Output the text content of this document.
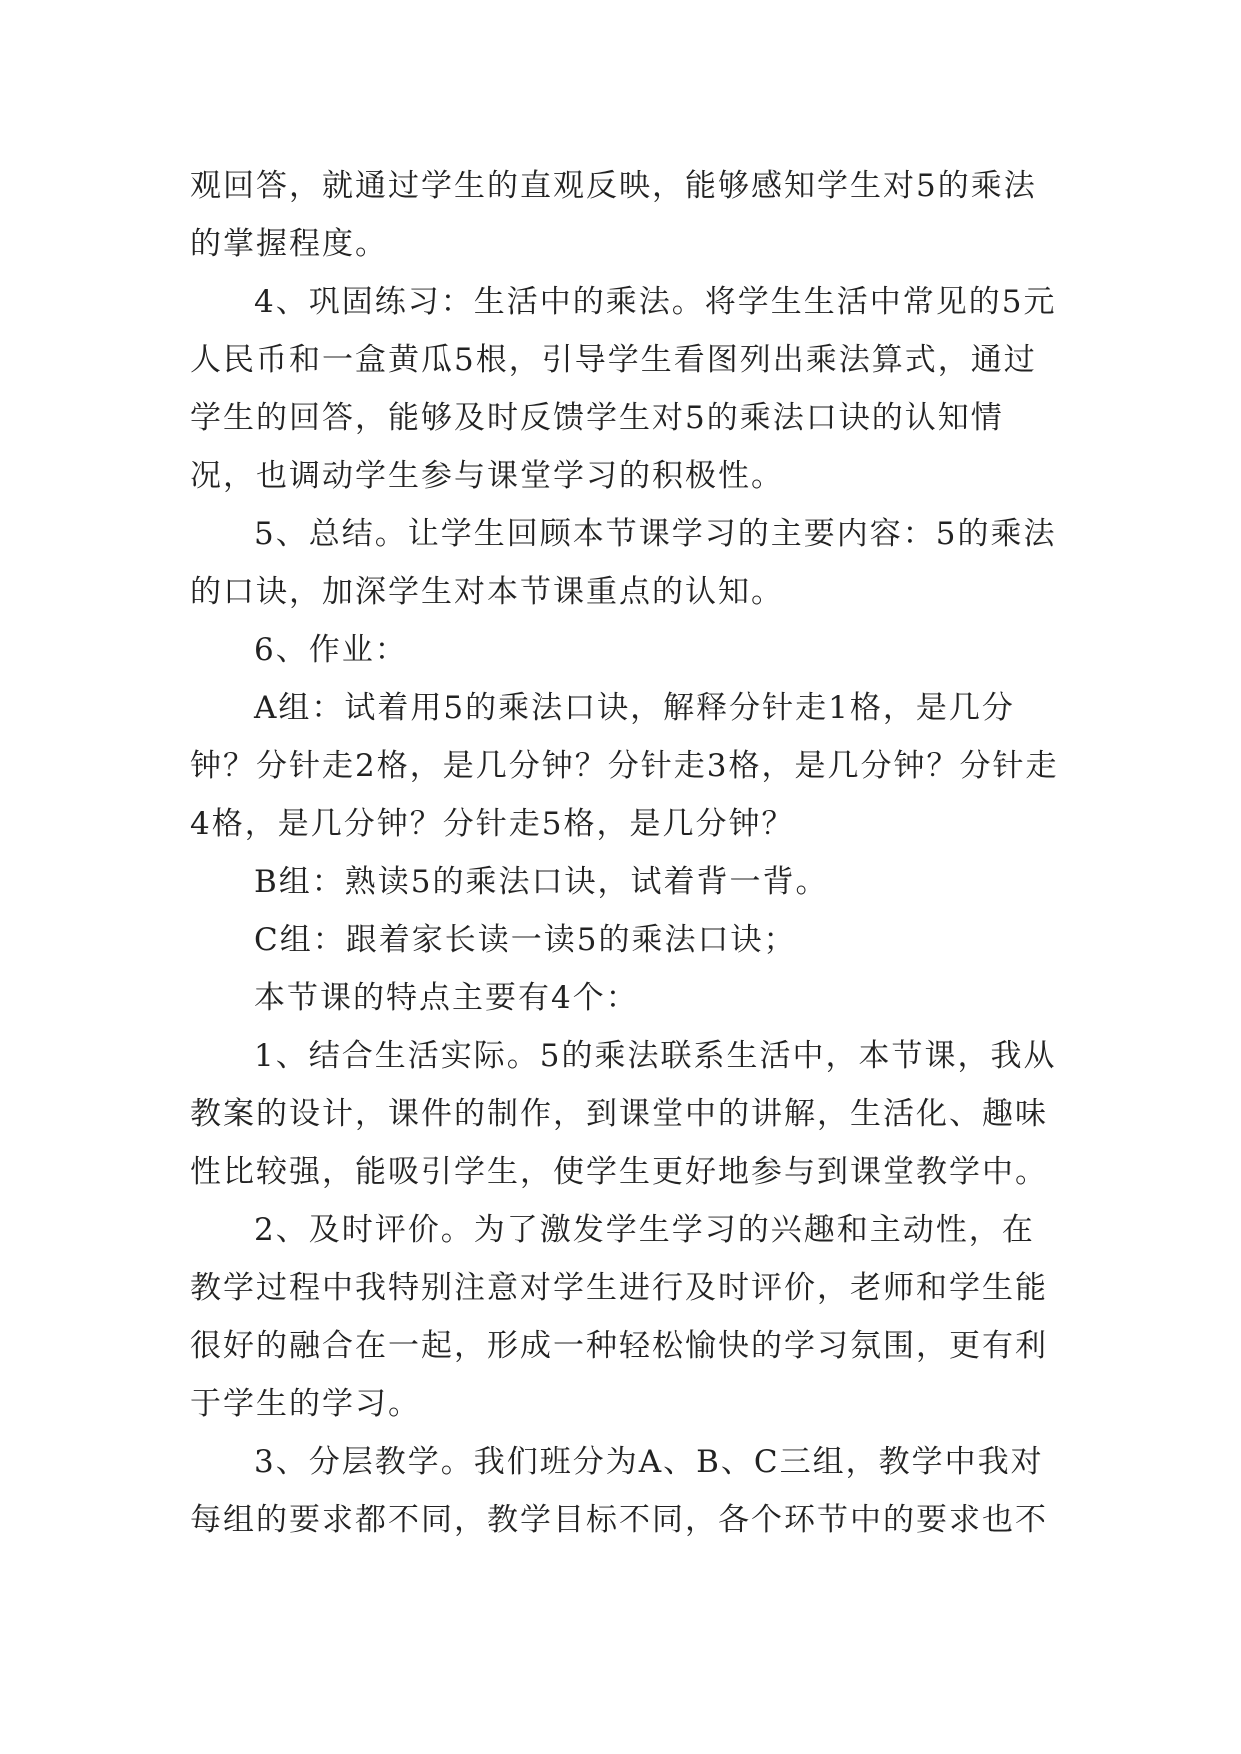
观回答，就通过学生的直观反映，能够感知学生对5的乘法的掌握程度。

4、巩固练习：生活中的乘法。将学生生活中常见的5元人民币和一盒黄瓜5根，引导学生看图列出乘法算式，通过学生的回答，能够及时反馈学生对5的乘法口诀的认知情况，也调动学生参与课堂学习的积极性。

5、总结。让学生回顾本节课学习的主要内容：5的乘法的口诀，加深学生对本节课重点的认知。

6、作业：

A组：试着用5的乘法口诀，解释分针走1格，是几分钟？分针走2格，是几分钟？分针走3格，是几分钟？分针走4格，是几分钟？分针走5格，是几分钟？

B组：熟读5的乘法口诀，试着背一背。

C组：跟着家长读一读5的乘法口诀；

本节课的特点主要有4个：

1、结合生活实际。5的乘法联系生活中，本节课，我从教案的设计，课件的制作，到课堂中的讲解，生活化、趣味性比较强，能吸引学生，使学生更好地参与到课堂教学中。

2、及时评价。为了激发学生学习的兴趣和主动性，在教学过程中我特别注意对学生进行及时评价，老师和学生能很好的融合在一起，形成一种轻松愉快的学习氛围，更有利于学生的学习。

3、分层教学。我们班分为A、B、C三组，教学中我对每组的要求都不同，教学目标不同，各个环节中的要求也不
